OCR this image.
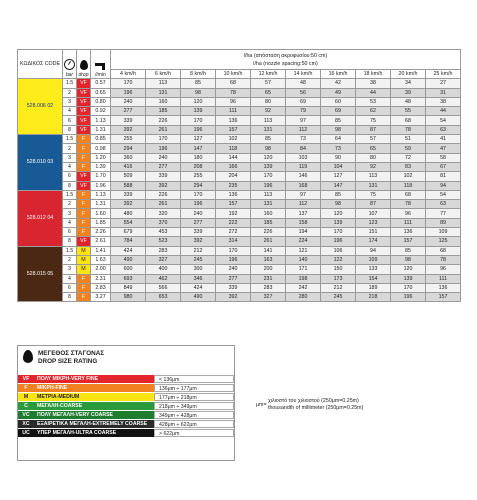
ΚΩΔΙΚΟΣ CODE	bar	drop	l/min	l/ha (απόσταση ακροφυσίου:50 cm)
l/ha (nozzle spacing:50 cm)									

				4 km/h	6 km/h	8 km/h	10 km/h	12 km/h	14 km/h	16 km/h	18 km/h	20 km/h	25 km/h
528.006 02	1.5	VF	0.57	170	113	85	68	57	48	42	38	34	27
	2	VF	0.65	196	131	98	78	65	56	49	44	39	31
	3	VF	0.80	240	160	120	96	80	69	60	53	48	38
	4	VF	0.92	277	185	139	111	92	79	69	62	55	44
	6	VF	1.13	339	226	170	136	113	97	85	75	68	54
	8	VF	1.31	392	261	196	157	131	112	98	87	78	63
528.010 03	1.5	F	0.85	255	170	127	102	85	73	64	57	51	41
	2	F	0.98	294	196	147	118	98	84	73	65	59	47
	3	F	1.20	360	240	180	144	120	103	90	80	72	58
	4	F	1.39	416	277	208	166	139	119	104	92	83	67
	6	VF	1.70	509	339	255	204	170	146	127	113	102	81
	8	VF	1.96	588	392	294	235	196	168	147	131	118	94
528.012 04	1.5	F	1.13	339	226	170	136	113	97	85	75	68	54
	2	F	1.31	392	261	196	157	131	112	98	87	78	63
	3	F	1.60	480	320	240	192	160	137	120	107	96	77
	4	F	1.85	554	370	277	222	185	158	139	123	111	89
	6	F	2.26	679	453	339	272	226	194	170	151	136	109
	8	VF	2.61	784	523	392	314	261	224	196	174	157	125
528.015 05	1.5	M	1.41	424	283	212	170	141	121	106	94	85	68
	2	M	1.63	490	327	245	196	163	140	122	109	98	78
	3	M	2.00	600	400	300	240	200	171	150	133	120	96
	4	F	2.31	693	462	346	277	231	198	173	154	139	111
	6	F	2.83	849	566	424	339	283	242	212	189	170	136
	8	F	3.27	980	653	490	392	327	280	245	218	196	157
ΜΕΓΕΘΟΣ ΣΤΑΓΟΝΑΣ
DROP SIZE RATING
VF	ΠΟΛΥ ΜΙΚΡΗ-VERY FINE	< 136μm
F	ΜΙΚΡΗ-FINE	136μm ÷ 177μm
M	ΜΕΤΡΙΑ-MEDIUM	177μm ÷ 218μm
C	ΜΕΓΑΛΗ-COARSE	218μm ÷ 349μm
VC	ΠΟΛΥ ΜΕΓΑΛΗ-VERY COARSE	349μm ÷ 428μm
XC	ΕΞΑΙΡΕΤΙΚΑ ΜΕΓΑΛΗ-EXTREMELY COARSE	428μm ÷ 622μm
UC	ΥΠΕΡ ΜΕΓΑΛΗ-ULTRA COARSE	> 622μm
μm=
χιλιοστό του χιλιοστού (250μm=0.25m)
thousandth of millimeter (250μm=0.25m)
